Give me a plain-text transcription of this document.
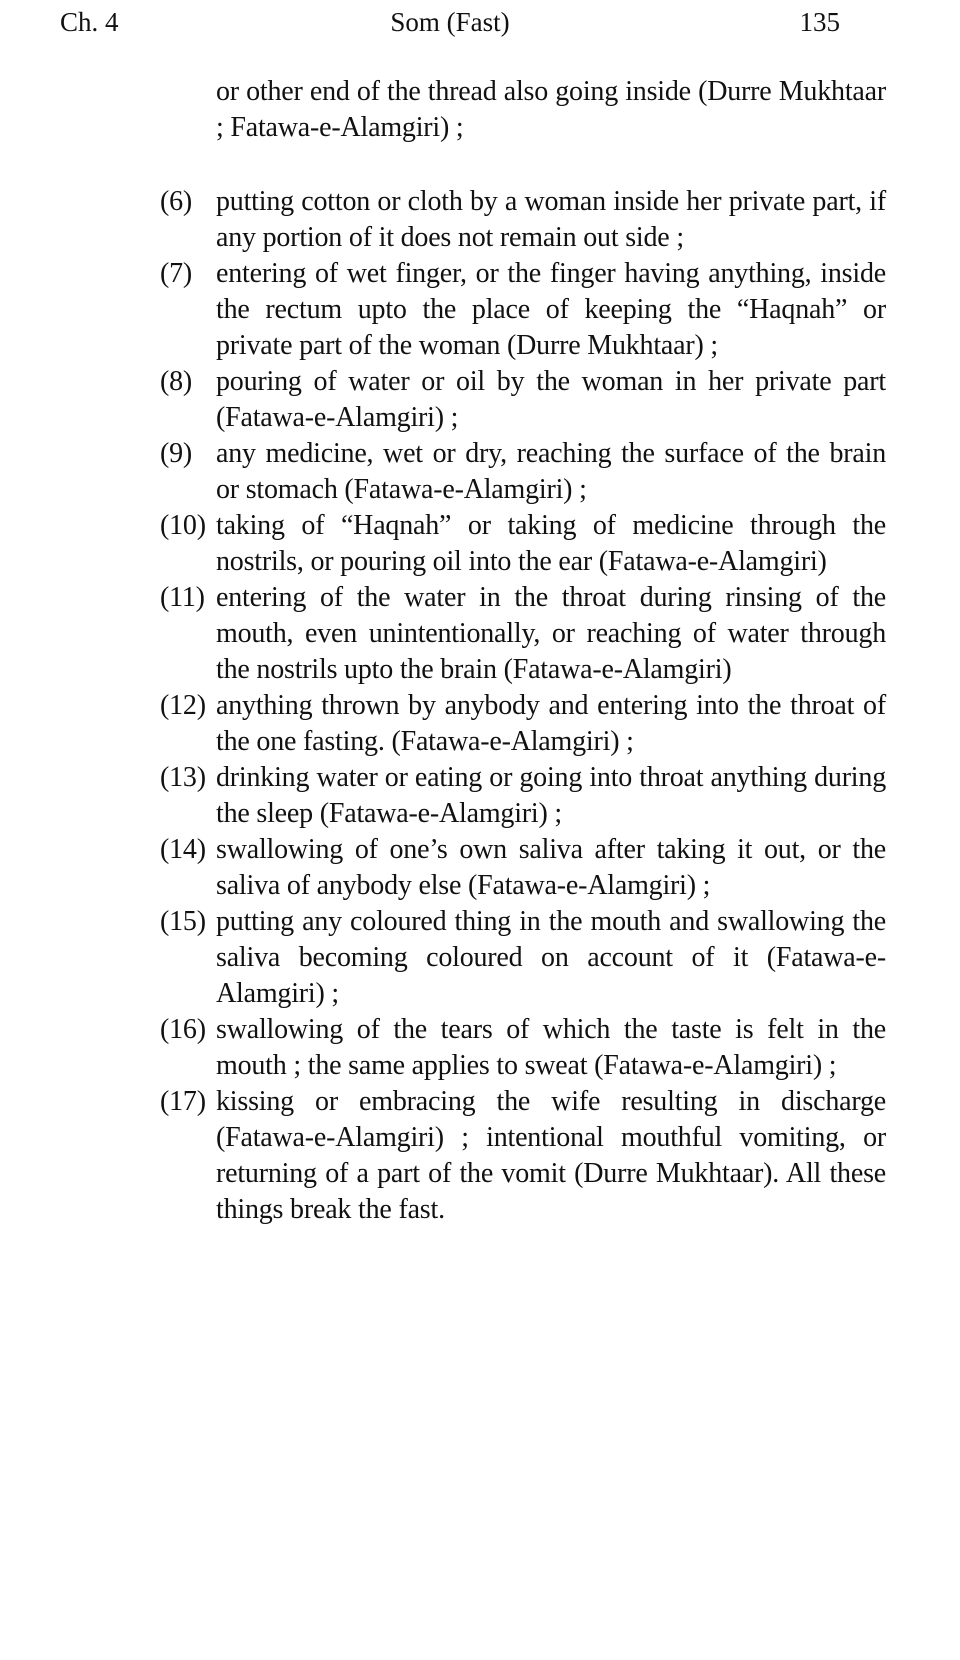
Ch. 4	Som (Fast)	135

or other end of the thread also going inside (Durre Mukhtaar ; Fatawa-e-Alamgiri) ;

(6) putting cotton or cloth by a woman inside her private part, if any portion of it does not remain out side ;
(7) entering of wet finger, or the finger having anything, inside the rectum upto the place of keeping the “Haqnah” or private part of the woman (Durre Mukhtaar) ;
(8) pouring of water or oil by the woman in her private part (Fatawa-e-Alamgiri) ;
(9) any medicine, wet or dry, reaching the surface of the brain or stomach (Fatawa-e-Alamgiri) ;
(10) taking of “Haqnah” or taking of medicine through the nostrils, or pouring oil into the ear (Fatawa-e-Alamgiri)
(11) entering of the water in the throat during rinsing of the mouth, even unintentionally, or reaching of water through the nostrils upto the brain (Fatawa-e-Alamgiri)
(12) anything thrown by anybody and entering into the throat of the one fasting. (Fatawa-e-Alamgiri) ;
(13) drinking water or eating or going into throat anything during the sleep (Fatawa-e-Alamgiri) ;
(14) swallowing of one’s own saliva after taking it out, or the saliva of anybody else (Fatawa-e-Alamgiri) ;
(15) putting any coloured thing in the mouth and swallowing the saliva becoming coloured on account of it (Fatawa-e-Alamgiri) ;
(16) swallowing of the tears of which the taste is felt in the mouth ; the same applies to sweat (Fatawa-e-Alamgiri) ;
(17) kissing or embracing the wife resulting in discharge (Fatawa-e-Alamgiri) ; intentional mouthful vomiting, or returning of a part of the vomit (Durre Mukhtaar). All these things break the fast.
